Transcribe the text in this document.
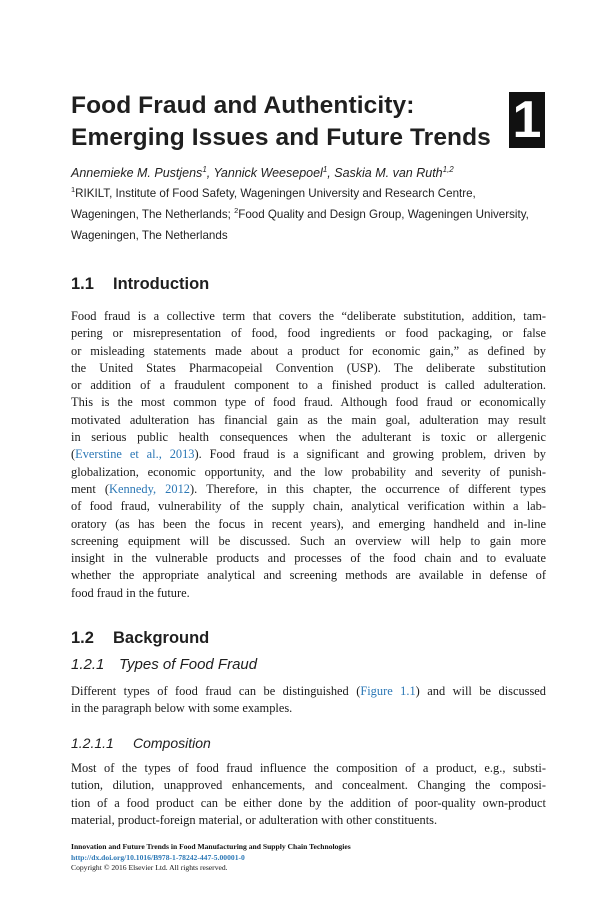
Food Fraud and Authenticity:
Emerging Issues and Future Trends 1
Annemieke M. Pustjens$^1$, Yannick Weesepoel$^1$, Saskia M. van Ruth$^{1,2}$
$^1$RIKILT, Institute of Food Safety, Wageningen University and Research Centre,
Wageningen, The Netherlands; $^2$Food Quality and Design Group, Wageningen University,
Wageningen, The Netherlands
1.1 Introduction
Food fraud is a collective term that covers the “deliberate substitution, addition, tam-
pering or misrepresentation of food, food ingredients or food packaging, or false
or misleading statements made about a product for economic gain,” as defined by
the United States Pharmacopeial Convention (USP). The deliberate substitution
or addition of a fraudulent component to a finished product is called adulteration.
This is the most common type of food fraud. Although food fraud or economically
motivated adulteration has financial gain as the main goal, adulteration may result
in serious public health consequences when the adulterant is toxic or allergenic
(Everstine et al., 2013). Food fraud is a significant and growing problem, driven by
globalization, economic opportunity, and the low probability and severity of punish-
ment (Kennedy, 2012). Therefore, in this chapter, the occurrence of different types
of food fraud, vulnerability of the supply chain, analytical verification within a lab-
oratory (as has been the focus in recent years), and emerging handheld and in-line
screening equipment will be discussed. Such an overview will help to gain more
insight in the vulnerable products and processes of the food chain and to evaluate
whether the appropriate analytical and screening methods are available in defense of
food fraud in the future.
1.2 Background
1.2.1 Types of Food Fraud
Different types of food fraud can be distinguished (Figure 1.1) and will be discussed
in the paragraph below with some examples.
1.2.1.1 Composition
Most of the types of food fraud influence the composition of a product, e.g., substi-
tution, dilution, unapproved enhancements, and concealment. Changing the composi-
tion of a food product can be either done by the addition of poor-quality own-product
material, product-foreign material, or adulteration with other constituents.
Innovation and Future Trends in Food Manufacturing and Supply Chain Technologies
http://dx.doi.org/10.1016/B978-1-78242-447-5.00001-0
Copyright © 2016 Elsevier Ltd. All rights reserved.
